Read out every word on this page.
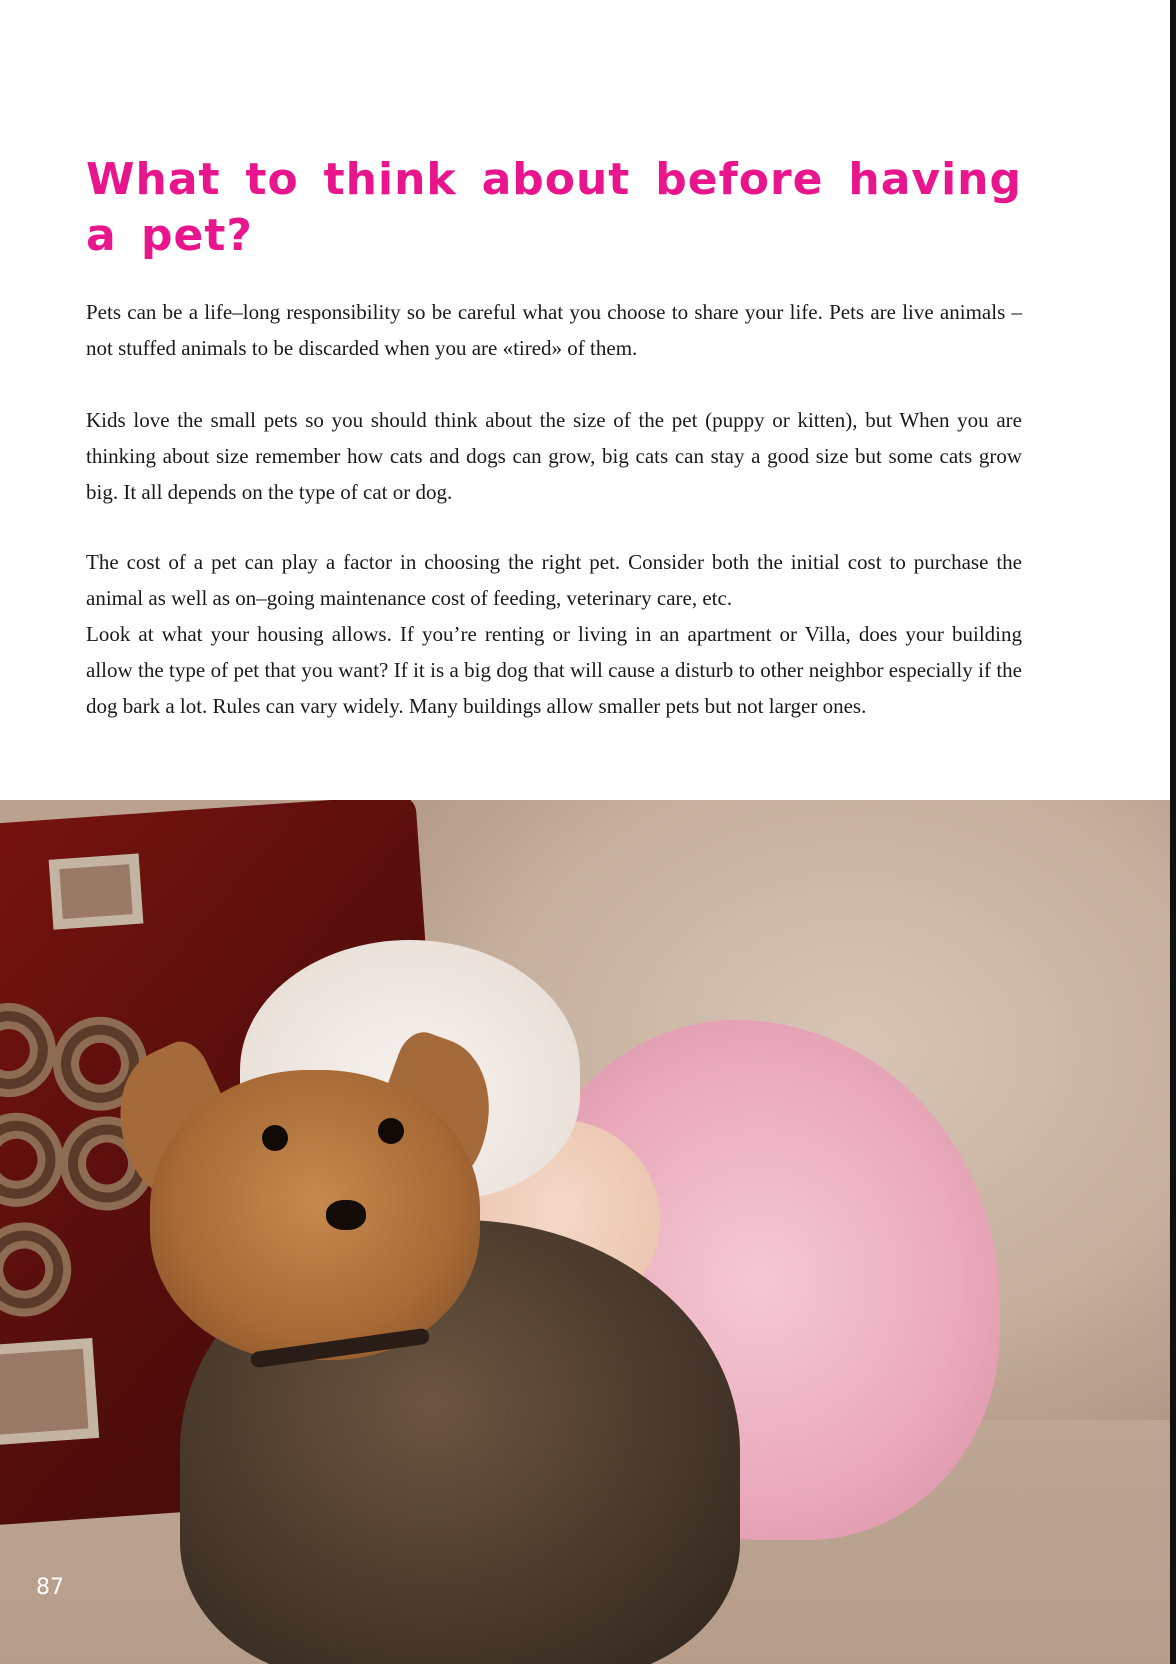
What to think about before having a pet?

Pets can be a life–long responsibility so be careful what you choose to share your life. Pets are live animals – not stuffed animals to be discarded when you are «tired» of them.

Kids love the small pets so you should think about the size of the pet (puppy or kitten), but When you are thinking about size remember how cats and dogs can grow, big cats can stay a good size but some cats grow big. It all depends on the type of cat or dog.

The cost of a pet can play a factor in choosing the right pet. Consider both the initial cost to purchase the animal as well as on–going maintenance cost of feeding, veterinary care, etc.

Look at what your housing allows. If you’re renting or living in an apartment or Villa, does your building allow the type of pet that you want? If it is a big dog that will cause a disturb to other neighbor especially if the dog bark a lot. Rules can vary widely. Many buildings allow smaller pets but not larger ones.

87
